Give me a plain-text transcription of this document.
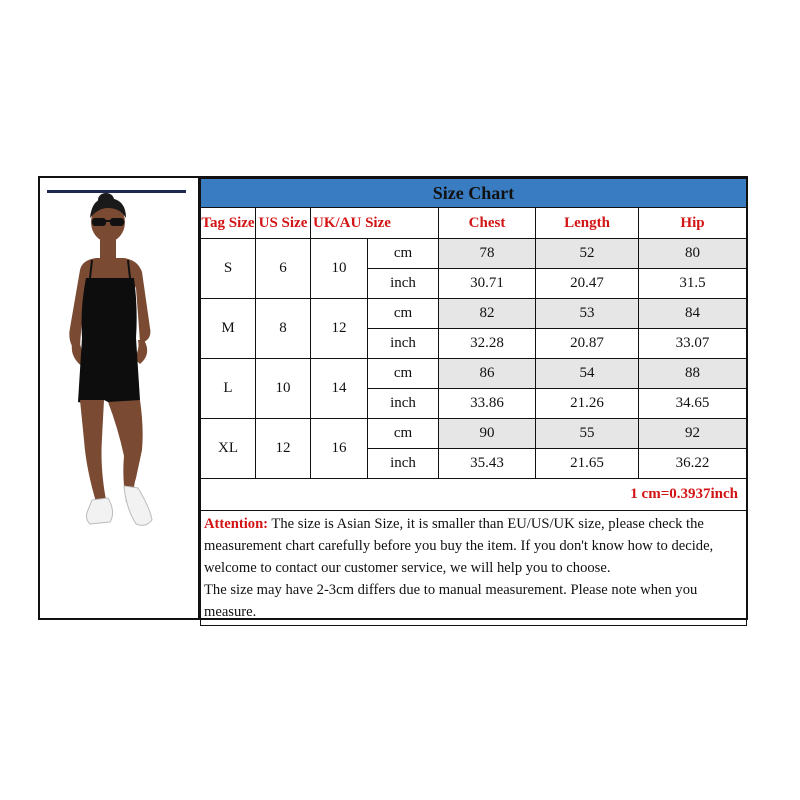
Size Chart						
Tag Size	US Size	UK/AU Size		Chest	Length	Hip
S	6	10	cm	78	52	80
			inch	30.71	20.47	31.5
M	8	12	cm	82	53	84
			inch	32.28	20.87	33.07
L	10	14	cm	86	54	88
			inch	33.86	21.26	34.65
XL	12	16	cm	90	55	92
			inch	35.43	21.65	36.22
1 cm=0.3937inch						
Attention: The size is Asian Size, it is smaller than EU/US/UK size, please check the measurement chart carefully before you buy the item. If you don't know how to decide, welcome to contact our customer service, we will help you to choose.
The size may have 2-3cm differs due to manual measurement. Please note when you measure.						
